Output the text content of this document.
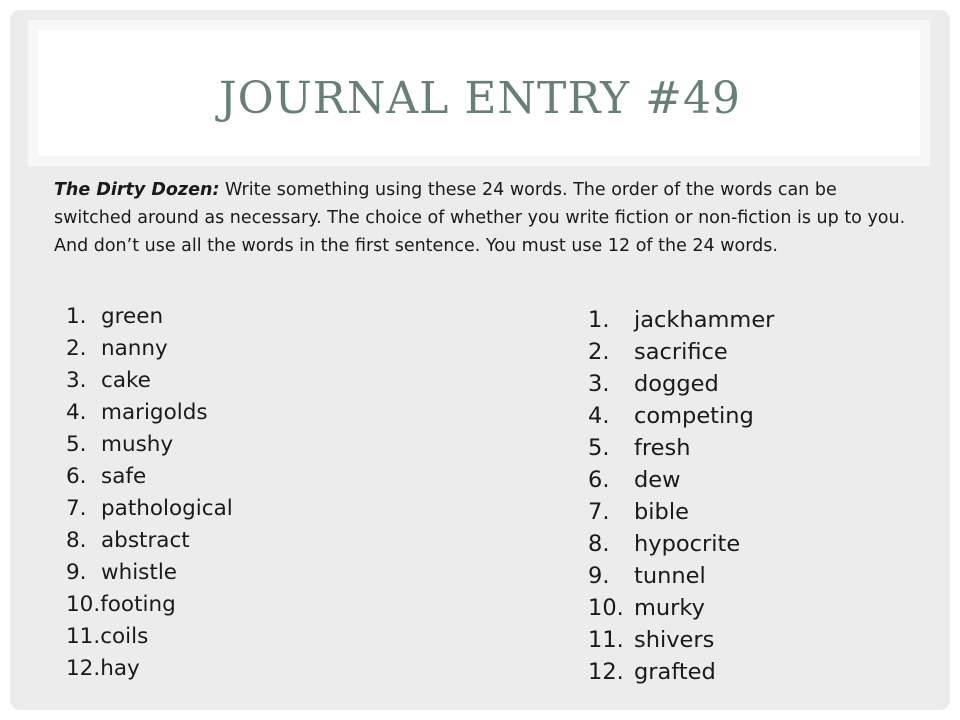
JOURNAL ENTRY #49
The Dirty Dozen: Write something using these 24 words. The order of the words can be switched around as necessary. The choice of whether you write fiction or non-fiction is up to you. And don’t use all the words in the first sentence. You must use 12 of the 24 words.
1. green
2. nanny
3. cake
4. marigolds
5. mushy
6. safe
7. pathological
8. abstract
9. whistle
10.footing
11.coils
12.hay
1. jackhammer
2. sacrifice
3. dogged
4. competing
5. fresh
6. dew
7. bible
8. hypocrite
9. tunnel
10. murky
11. shivers
12. grafted
